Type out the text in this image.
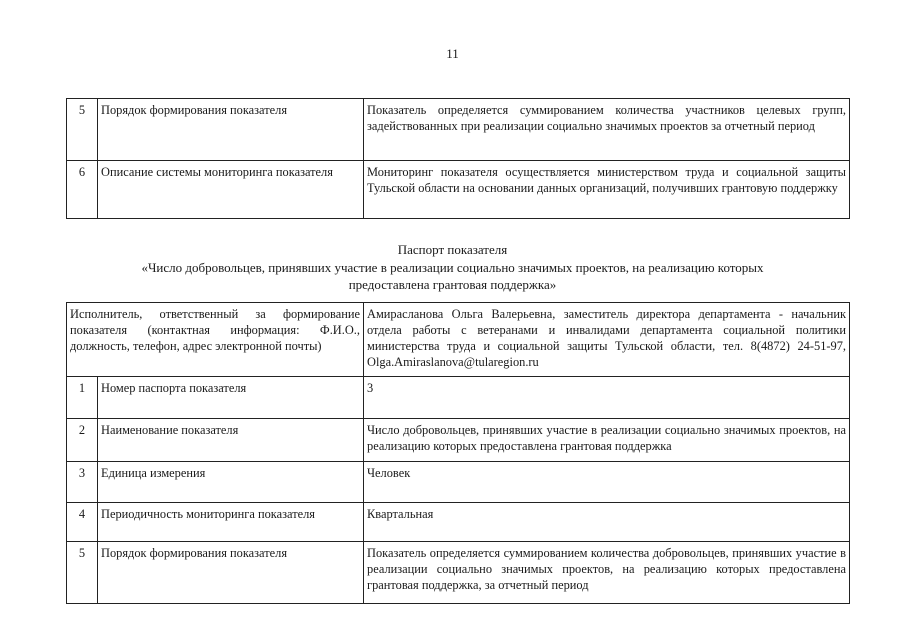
11
5	Порядок формирования показателя	Показатель определяется суммированием количества участников целевых групп, задействованных при реализации социально значимых проектов за отчетный период
6	Описание системы мониторинга показателя	Мониторинг показателя осуществляется министерством труда и социальной защиты Тульской области на основании данных организаций, получивших грантовую поддержку
Паспорт показателя
«Число добровольцев, принявших участие в реализации социально значимых проектов, на реализацию которых
предоставлена грантовая поддержка»
Исполнитель, ответственный за формирование показателя (контактная информация: Ф.И.О., должность, телефон, адрес электронной почты)		Амирасланова Ольга Валерьевна, заместитель директора департамента - начальник отдела работы с ветеранами и инвалидами департамента социальной политики министерства труда и социальной защиты Тульской области, тел. 8(4872) 24-51-97, Olga.Amiraslanova@tularegion.ru
1	Номер паспорта показателя	3
2	Наименование показателя	Число добровольцев, принявших участие в реализации социально значимых проектов, на реализацию которых предоставлена грантовая поддержка
3	Единица измерения	Человек
4	Периодичность мониторинга показателя	Квартальная
5	Порядок формирования показателя	Показатель определяется суммированием количества добровольцев, принявших участие в реализации социально значимых проектов, на реализацию которых предоставлена грантовая поддержка, за отчетный период
